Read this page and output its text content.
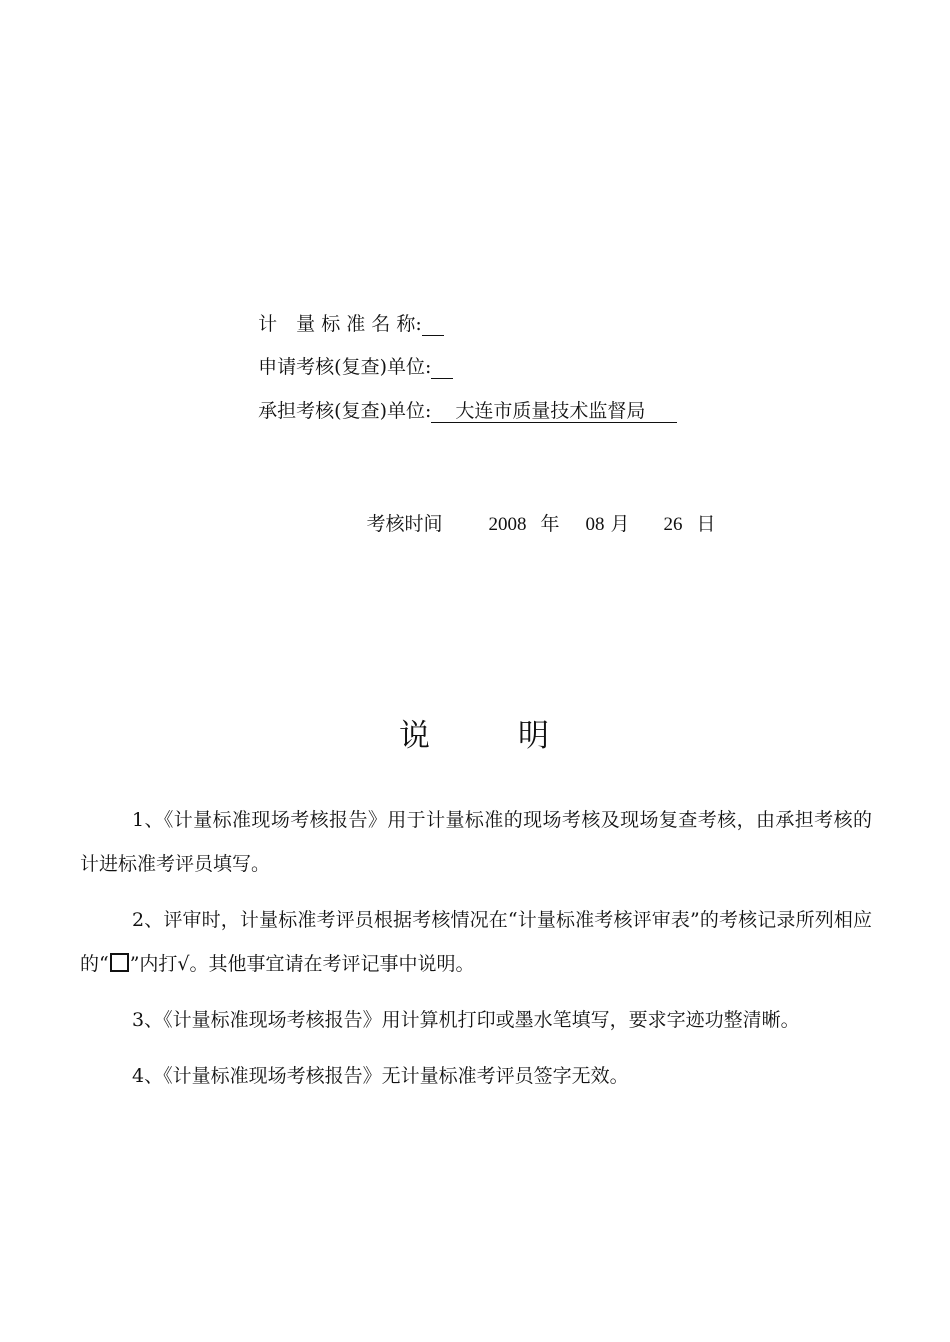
计　量 标 准 名 称:

申请考核(复查)单位:

承担考核(复查)单位: 大连市质量技术监督局

考核时间 2008 年 08 月 26 日

说	明

1、《计量标准现场考核报告》用于计量标准的现场考核及现场复查考核，由承担考核的计进标准考评员填写。

2、评审时，计量标准考评员根据考核情况在“计量标准考核评审表”的考核记录所列相应的“ ”内打√。其他事宜请在考评记事中说明。

3、《计量标准现场考核报告》用计算机打印或墨水笔填写，要求字迹功整清晰。

4、《计量标准现场考核报告》无计量标准考评员签字无效。
